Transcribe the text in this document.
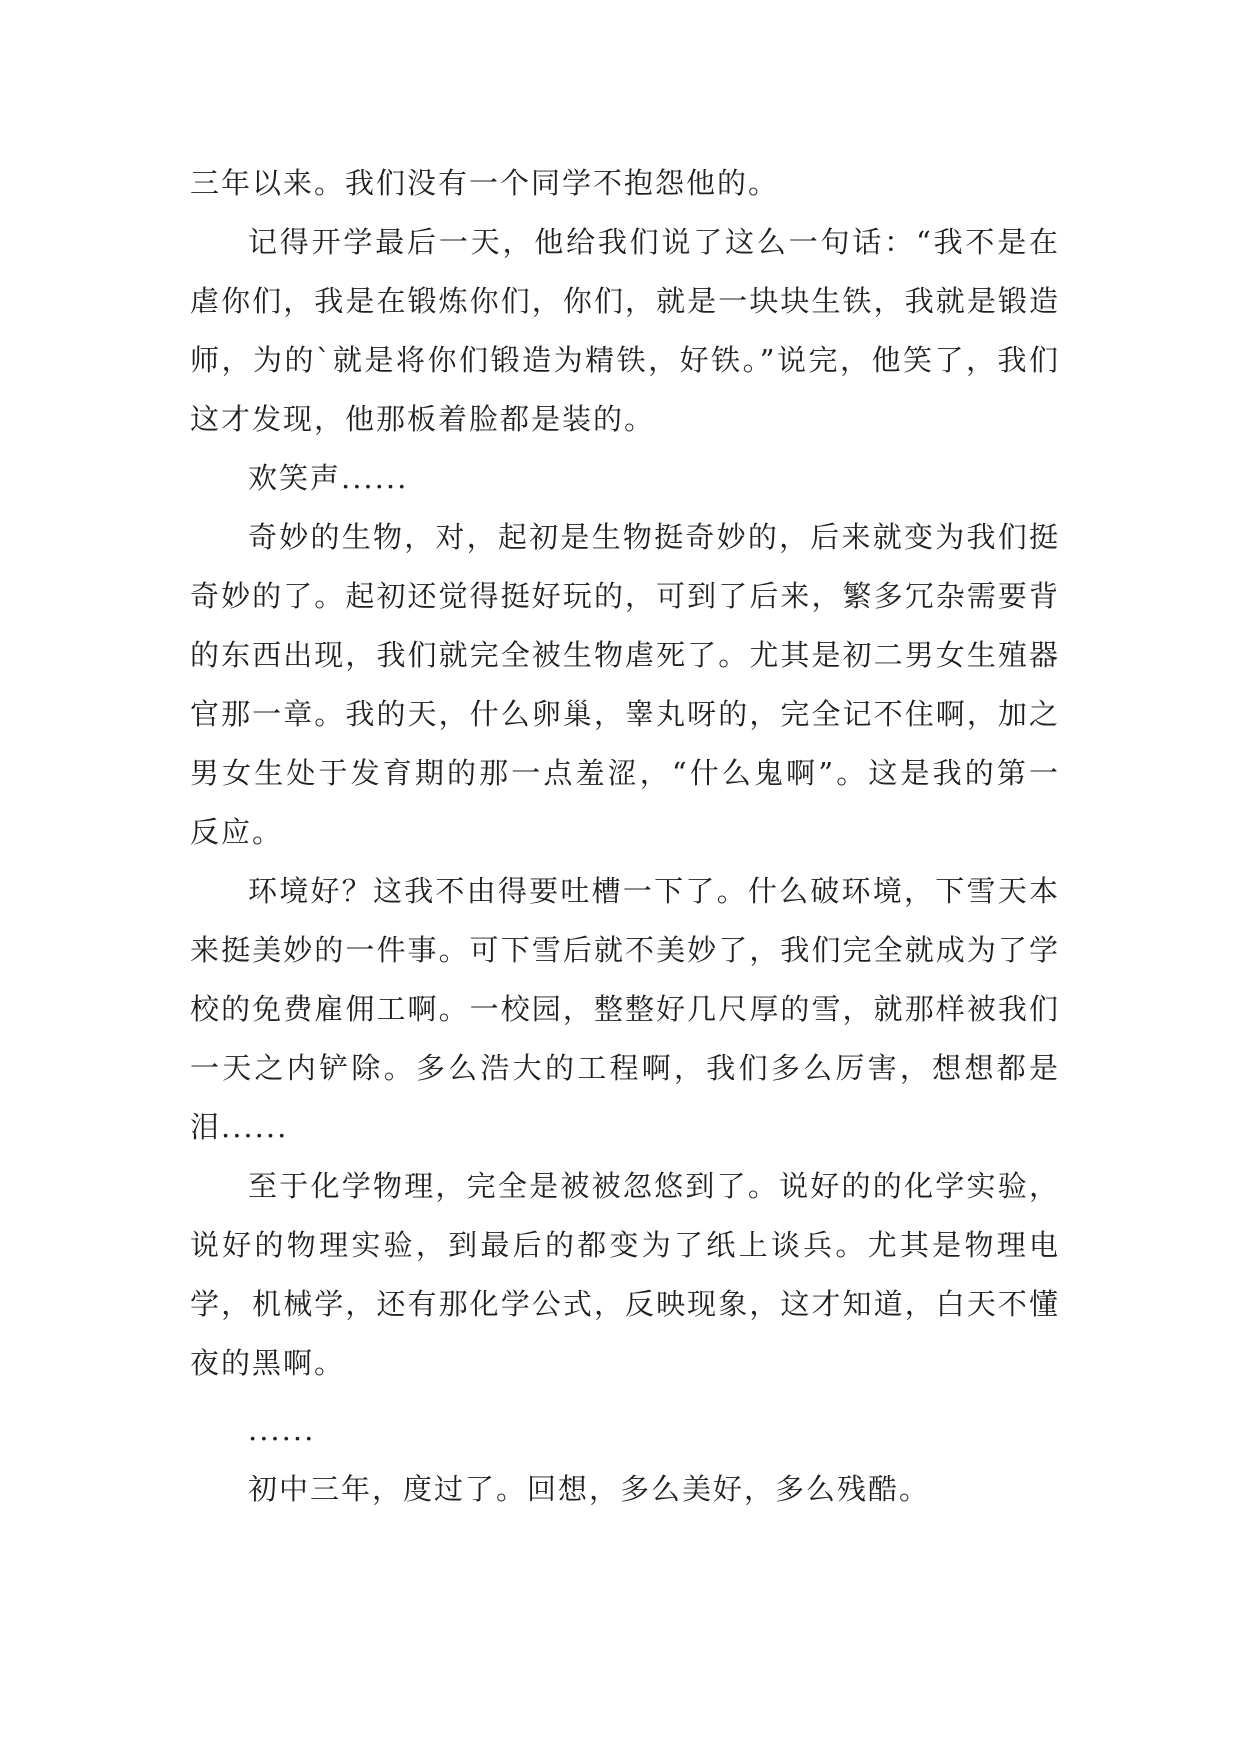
三年以来。我们没有一个同学不抱怨他的。

记得开学最后一天，他给我们说了这么一句话：“我不是在虐你们，我是在锻炼你们，你们，就是一块块生铁，我就是锻造师，为的`就是将你们锻造为精铁，好铁。”说完，他笑了，我们这才发现，他那板着脸都是装的。

欢笑声......

奇妙的生物，对，起初是生物挺奇妙的，后来就变为我们挺奇妙的了。起初还觉得挺好玩的，可到了后来，繁多冗杂需要背的东西出现，我们就完全被生物虐死了。尤其是初二男女生殖器官那一章。我的天，什么卵巢，睾丸呀的，完全记不住啊，加之男女生处于发育期的那一点羞涩，“什么鬼啊”。这是我的第一反应。

环境好？这我不由得要吐槽一下了。什么破环境，下雪天本来挺美妙的一件事。可下雪后就不美妙了，我们完全就成为了学校的免费雇佣工啊。一校园，整整好几尺厚的雪，就那样被我们一天之内铲除。多么浩大的工程啊，我们多么厉害，想想都是泪......

至于化学物理，完全是被被忽悠到了。说好的的化学实验，说好的物理实验，到最后的都变为了纸上谈兵。尤其是物理电学，机械学，还有那化学公式，反映现象，这才知道，白天不懂夜的黑啊。

......

初中三年，度过了。回想，多么美好，多么残酷。
